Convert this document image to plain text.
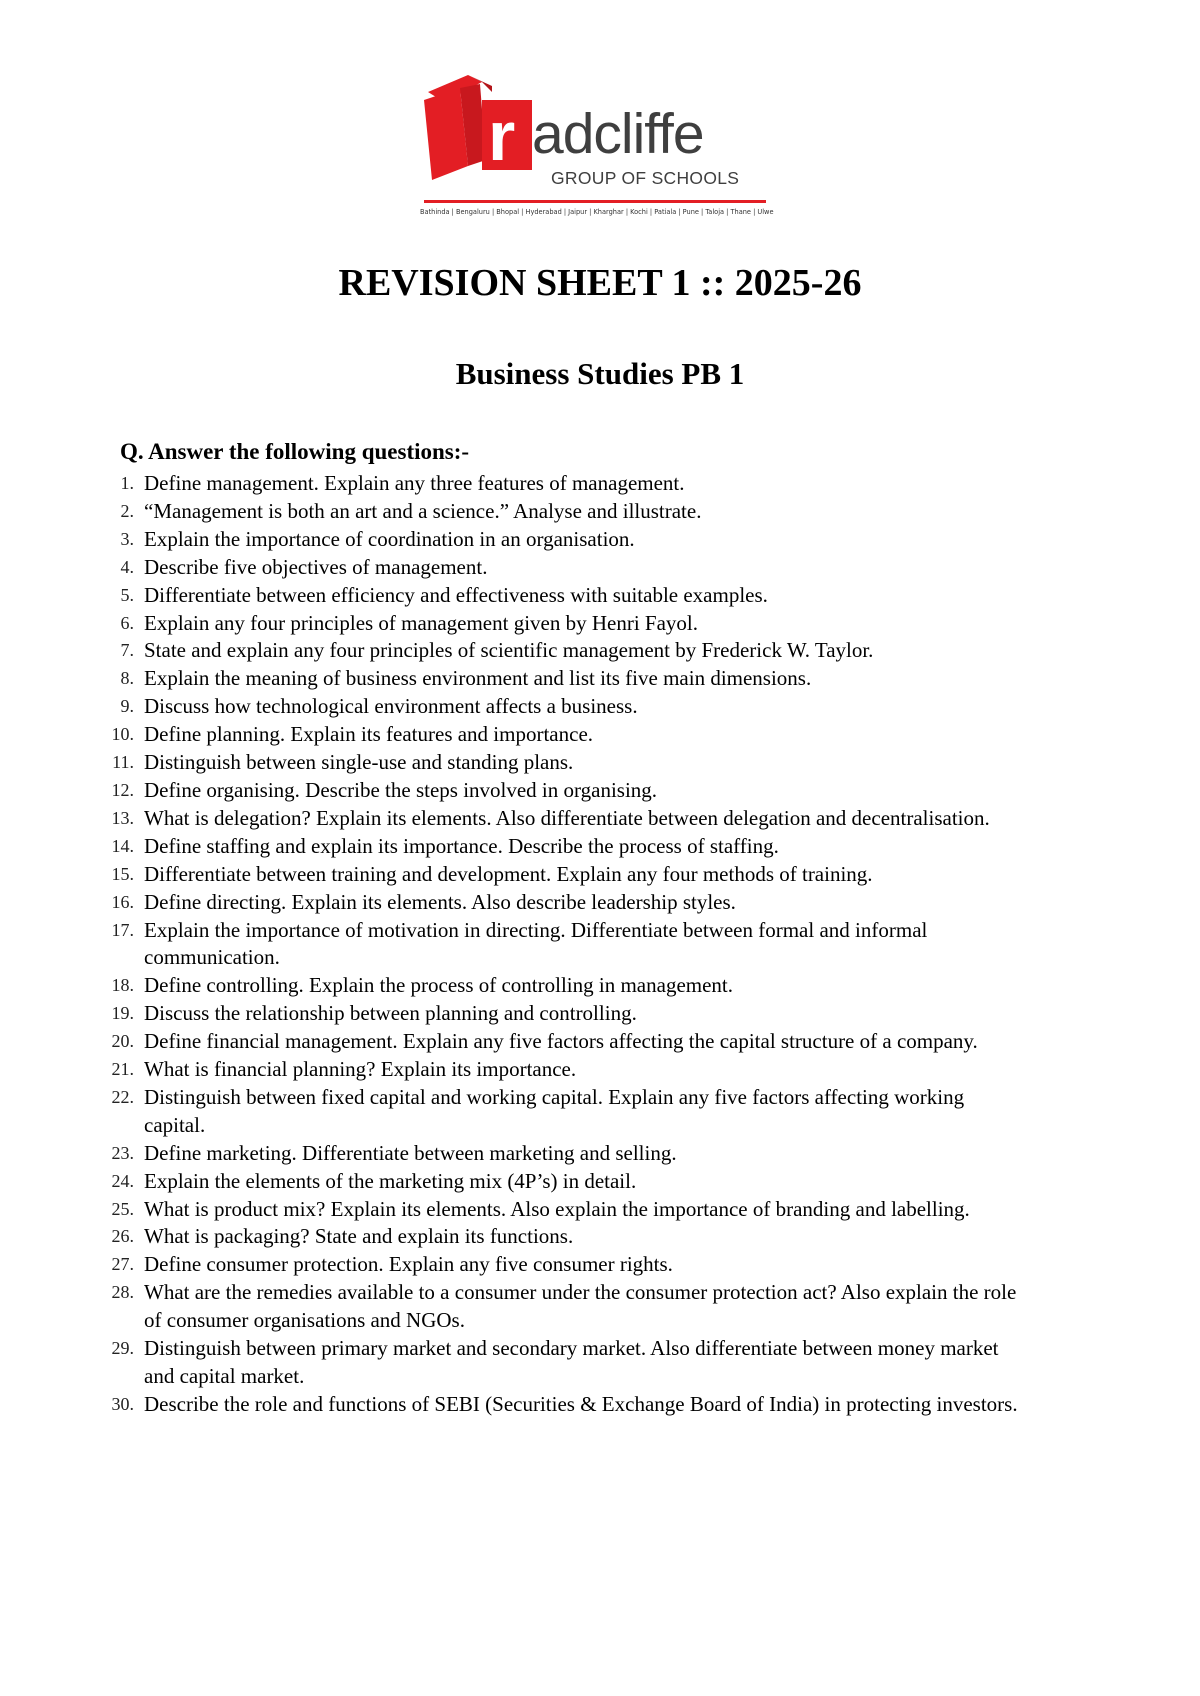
r adcliffe
GROUP OF SCHOOLS
Bathinda | Bengaluru | Bhopal | Hyderabad | Jaipur | Kharghar | Kochi | Patiala | Pune | Taloja | Thane | Ulwe
REVISION SHEET 1 :: 2025-26
Business Studies PB 1
Q. Answer the following questions:-
1. Define management. Explain any three features of management.
2. “Management is both an art and a science.” Analyse and illustrate.
3. Explain the importance of coordination in an organisation.
4. Describe five objectives of management.
5. Differentiate between efficiency and effectiveness with suitable examples.
6. Explain any four principles of management given by Henri Fayol.
7. State and explain any four principles of scientific management by Frederick W. Taylor.
8. Explain the meaning of business environment and list its five main dimensions.
9. Discuss how technological environment affects a business.
10. Define planning. Explain its features and importance.
11. Distinguish between single-use and standing plans.
12. Define organising. Describe the steps involved in organising.
13. What is delegation? Explain its elements. Also differentiate between delegation and decentralisation.
14. Define staffing and explain its importance. Describe the process of staffing.
15. Differentiate between training and development. Explain any four methods of training.
16. Define directing. Explain its elements. Also describe leadership styles.
17. Explain the importance of motivation in directing. Differentiate between formal and informal communication.
18. Define controlling. Explain the process of controlling in management.
19. Discuss the relationship between planning and controlling.
20. Define financial management. Explain any five factors affecting the capital structure of a company.
21. What is financial planning? Explain its importance.
22. Distinguish between fixed capital and working capital. Explain any five factors affecting working capital.
23. Define marketing. Differentiate between marketing and selling.
24. Explain the elements of the marketing mix (4P’s) in detail.
25. What is product mix? Explain its elements. Also explain the importance of branding and labelling.
26. What is packaging? State and explain its functions.
27. Define consumer protection. Explain any five consumer rights.
28. What are the remedies available to a consumer under the consumer protection act? Also explain the role of consumer organisations and NGOs.
29. Distinguish between primary market and secondary market. Also differentiate between money market and capital market.
30. Describe the role and functions of SEBI (Securities & Exchange Board of India) in protecting investors.
